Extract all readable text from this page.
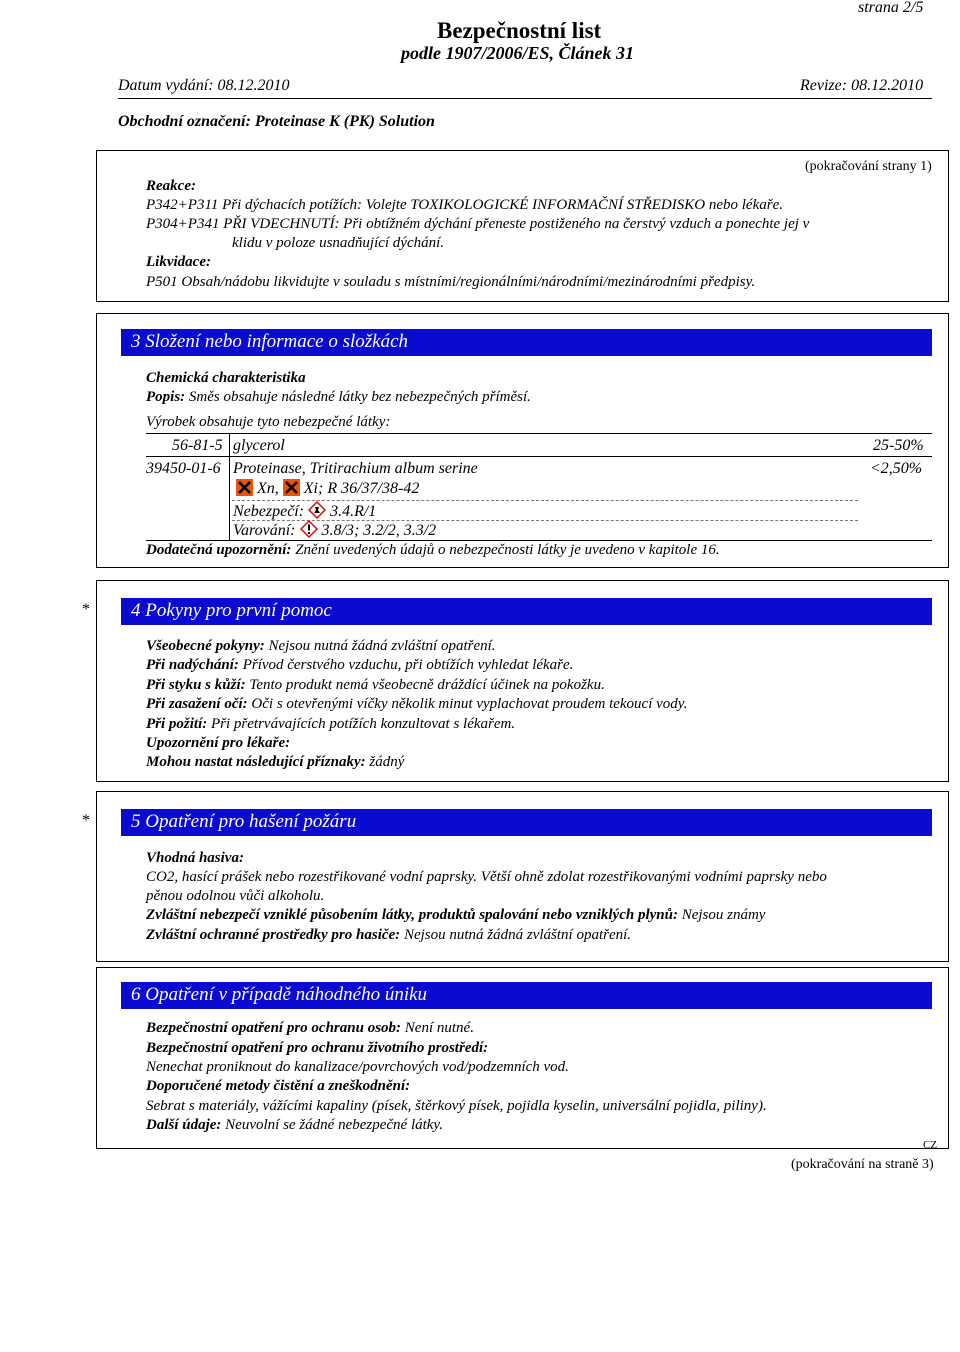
strana 2/5
Bezpečnostní list
podle 1907/2006/ES, Článek 31
Datum vydání: 08.12.2010	Revize: 08.12.2010
Obchodní označení: Proteinase K (PK) Solution
(pokračování strany 1)
Reakce:
P342+P311 Při dýchacích potížích: Volejte TOXIKOLOGICKÉ INFORMAČNÍ STŘEDISKO nebo lékaře.
P304+P341 PŘI VDECHNUTÍ: Při obtížném dýchání přeneste postiženého na čerstvý vzduch a ponechte jej v
klidu v poloze usnadňující dýchání.
Likvidace:
P501 Obsah/nádobu likvidujte v souladu s místními/regionálními/národními/mezinárodními předpisy.
3 Složení nebo informace o složkách
Chemická charakteristika
Popis: Směs obsahuje následné látky bez nebezpečných příměsí.
Výrobek obsahuje tyto nebezpečné látky:
56-81-5 glycerol	25-50%
39450-01-6 Proteinase, Tritirachium album serine	<2,50%
Xn, Xi; R 36/37/38-42
Nebezpečí: 3.4.R/1
Varování: 3.8/3; 3.2/2, 3.3/2
Dodatečná upozornění: Znění uvedených údajů o nebezpečnosti látky je uvedeno v kapitole 16.
* 4 Pokyny pro první pomoc
Všeobecné pokyny: Nejsou nutná žádná zvláštní opatření.
Při nadýchání: Přívod čerstvého vzduchu, při obtížích vyhledat lékaře.
Při styku s kůží: Tento produkt nemá všeobecně dráždící účinek na pokožku.
Při zasažení očí: Oči s otevřenými víčky několik minut vyplachovat proudem tekoucí vody.
Při požití: Při přetrvávajících potížích konzultovat s lékařem.
Upozornění pro lékaře:
Mohou nastat následující příznaky: žádný
* 5 Opatření pro hašení požáru
Vhodná hasiva:
CO2, hasící prášek nebo rozestřikované vodní paprsky. Větší ohně zdolat rozestřikovanými vodními paprsky nebo
pěnou odolnou vůči alkoholu.
Zvláštní nebezpečí vzniklé působením látky, produktů spalování nebo vzniklých plynů: Nejsou známy
Zvláštní ochranné prostředky pro hasiče: Nejsou nutná žádná zvláštní opatření.
6 Opatření v případě náhodného úniku
Bezpečnostní opatření pro ochranu osob: Není nutné.
Bezpečnostní opatření pro ochranu životního prostředí:
Nenechat proniknout do kanalizace/povrchových vod/podzemních vod.
Doporučené metody čistění a zneškodnění:
Sebrat s materiály, vážícími kapaliny (písek, štěrkový písek, pojidla kyselin, universální pojidla, piliny).
Další údaje: Neuvolní se žádné nebezpečné látky.
CZ
(pokračování na straně 3)
